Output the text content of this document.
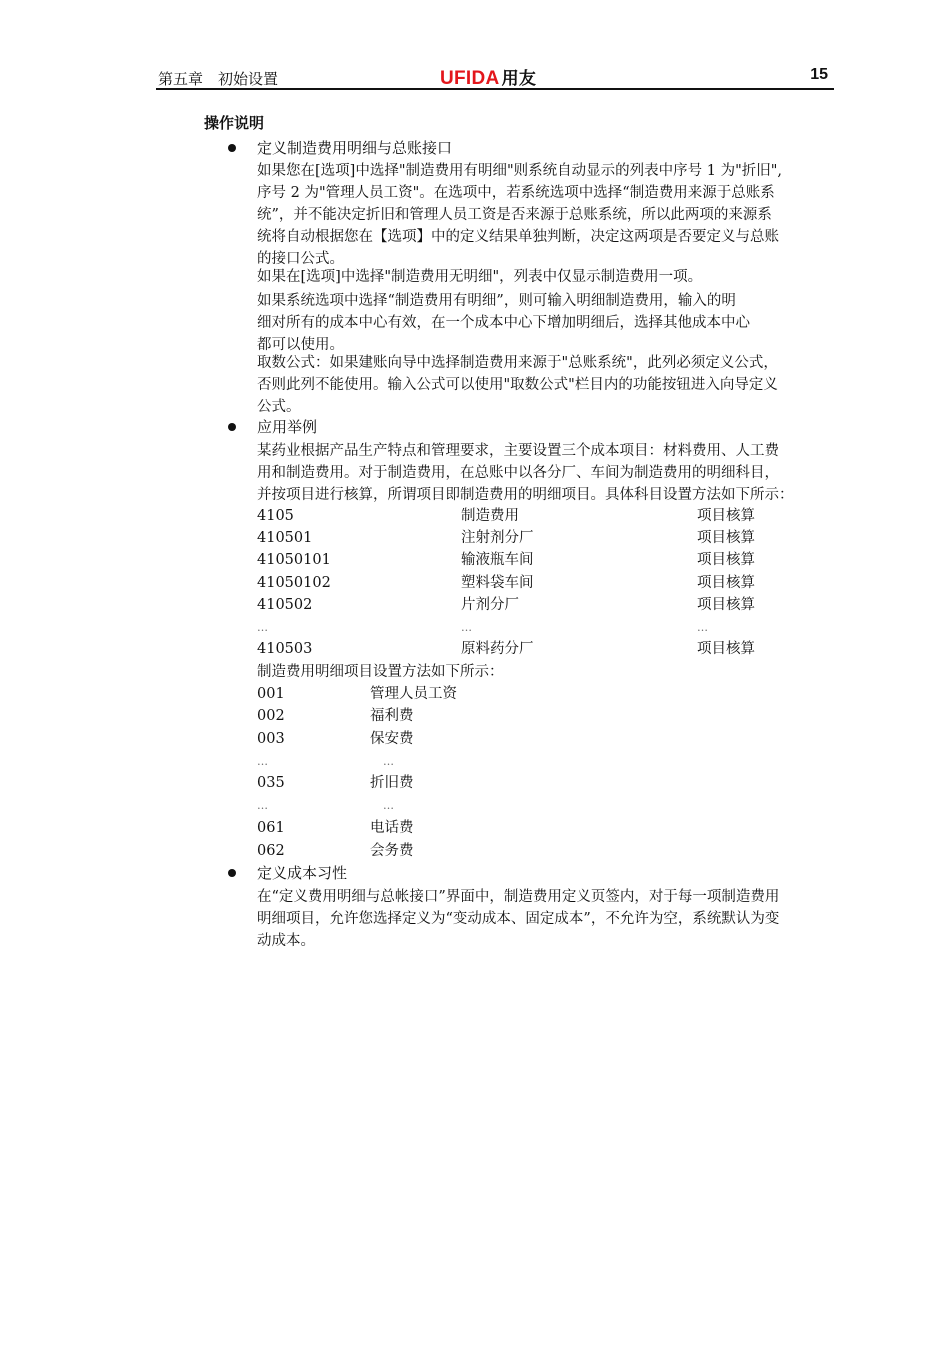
第五章　初始设置	UFIDA 用友	15
操作说明
定义制造费用明细与总账接口
如果您在[选项]中选择"制造费用有明细"则系统自动显示的列表中序号 1 为"折旧",
序号 2 为"管理人员工资"。在选项中，若系统选项中选择“制造费用来源于总账系
统”，并不能决定折旧和管理人员工资是否来源于总账系统，所以此两项的来源系
统将自动根据您在【选项】中的定义结果单独判断，决定这两项是否要定义与总账
的接口公式。
如果在[选项]中选择"制造费用无明细"，列表中仅显示制造费用一项。
如果系统选项中选择“制造费用有明细”，则可输入明细制造费用，输入的明
细对所有的成本中心有效，在一个成本中心下增加明细后，选择其他成本中心
都可以使用。
取数公式：如果建账向导中选择制造费用来源于"总账系统"，此列必须定义公式，
否则此列不能使用。输入公式可以使用"取数公式"栏目内的功能按钮进入向导定义
公式。
应用举例
某药业根据产品生产特点和管理要求，主要设置三个成本项目：材料费用、人工费
用和制造费用。对于制造费用，在总账中以各分厂、车间为制造费用的明细科目，
并按项目进行核算，所谓项目即制造费用的明细项目。具体科目设置方法如下所示：
4105	制造费用	项目核算
410501	注射剂分厂	项目核算
41050101	输液瓶车间	项目核算
41050102	塑料袋车间	项目核算
410502	片剂分厂	项目核算
…	…	…
410503	原料药分厂	项目核算
制造费用明细项目设置方法如下所示：
001	管理人员工资
002	福利费
003	保安费
…	…
035	折旧费
…	…
061	电话费
062	会务费
定义成本习性
在“定义费用明细与总帐接口”界面中，制造费用定义页签内，对于每一项制造费用
明细项目，允许您选择定义为“变动成本、固定成本”，不允许为空，系统默认为变
动成本。
